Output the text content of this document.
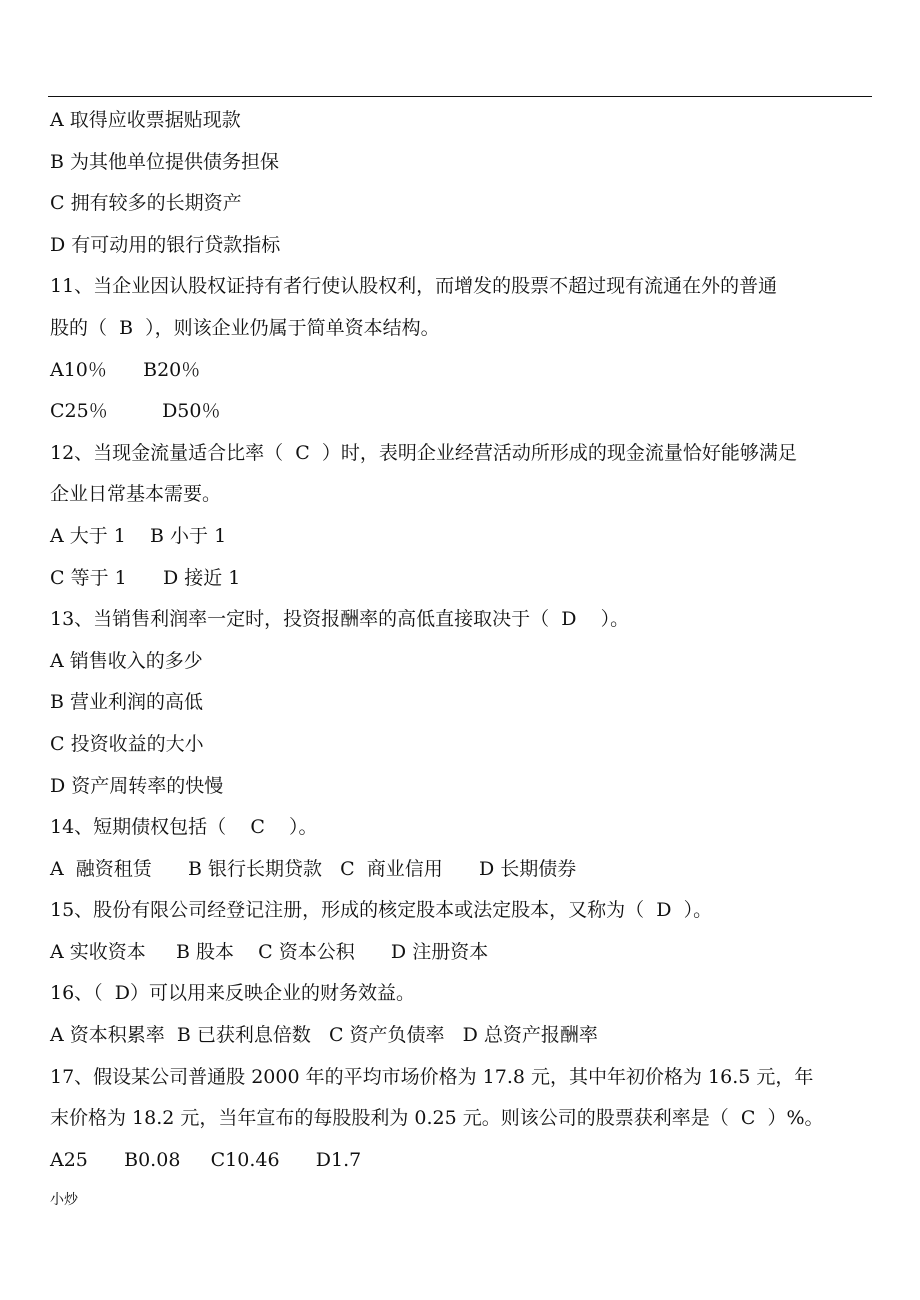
A 取得应收票据贴现款
B 为其他单位提供债务担保
C 拥有较多的长期资产
D 有可动用的银行贷款指标
11、当企业因认股权证持有者行使认股权利，而增发的股票不超过现有流通在外的普通
股的（  B  ），则该企业仍属于简单资本结构。
A10％      B20％
C25％         D50％
12、当现金流量适合比率（  C  ）时，表明企业经营活动所形成的现金流量恰好能够满足
企业日常基本需要。
A 大于 1    B 小于 1
C 等于 1      D 接近 1
13、当销售利润率一定时，投资报酬率的高低直接取决于（  D    ）。
A 销售收入的多少
B 营业利润的高低
C 投资收益的大小
D 资产周转率的快慢
14、短期债权包括（    C    ）。
A  融资租赁      B 银行长期贷款   C  商业信用      D 长期债券
15、股份有限公司经登记注册，形成的核定股本或法定股本，又称为（  D  ）。
A 实收资本     B 股本    C 资本公积      D 注册资本
16、（  D）可以用来反映企业的财务效益。
A 资本积累率  B 已获利息倍数   C 资产负债率   D 总资产报酬率
17、假设某公司普通股 2000 年的平均市场价格为 17.8 元，其中年初价格为 16.5 元，年
末价格为 18.2 元，当年宣布的每股股利为 0.25 元。则该公司的股票获利率是（  C  ）%。
A25      B0.08     C10.46      D1.7
小炒
